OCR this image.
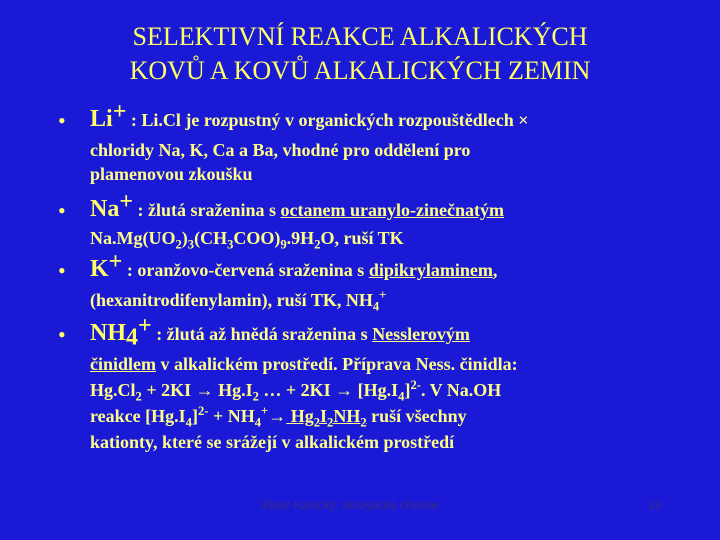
SELEKTIVNÍ REAKCE ALKALICKÝCH
KOVŮ A KOVŮ ALKALICKÝCH ZEMIN
• Li+ : Li.Cl je rozpustný v organických rozpouštědlech ×
chloridy Na, K, Ca a Ba, vhodné pro oddělení pro
plamenovou zkoušku
• Na+ : žlutá sraženina s octanem uranylo-zinečnatým
$Na.Mg(UO_2)_3(CH_3COO)_9.9H_2O$, ruší TK
• K+ : oranžovo-červená sraženina s dipikrylaminem,
(hexanitrodifenylamin), ruší TK, $NH_4^+$
• $NH_4^+$ : žlutá až hnědá sraženina s Nesslerovým
činidlem v alkalickém prostředí. Příprava Ness. činidla:
$Hg.Cl_2 + 2KI \to Hg.I_2$ … + $2KI \to [Hg.I_4]^{2-}$. V Na.OH
reakce $[Hg.I_4]^{2-} + NH_4^+\to Hg_2I_2NH_2$ ruší všechny
kationty, které se srážejí v alkalickém prostředí
Viktor Kanický: Analytická chemie	19
